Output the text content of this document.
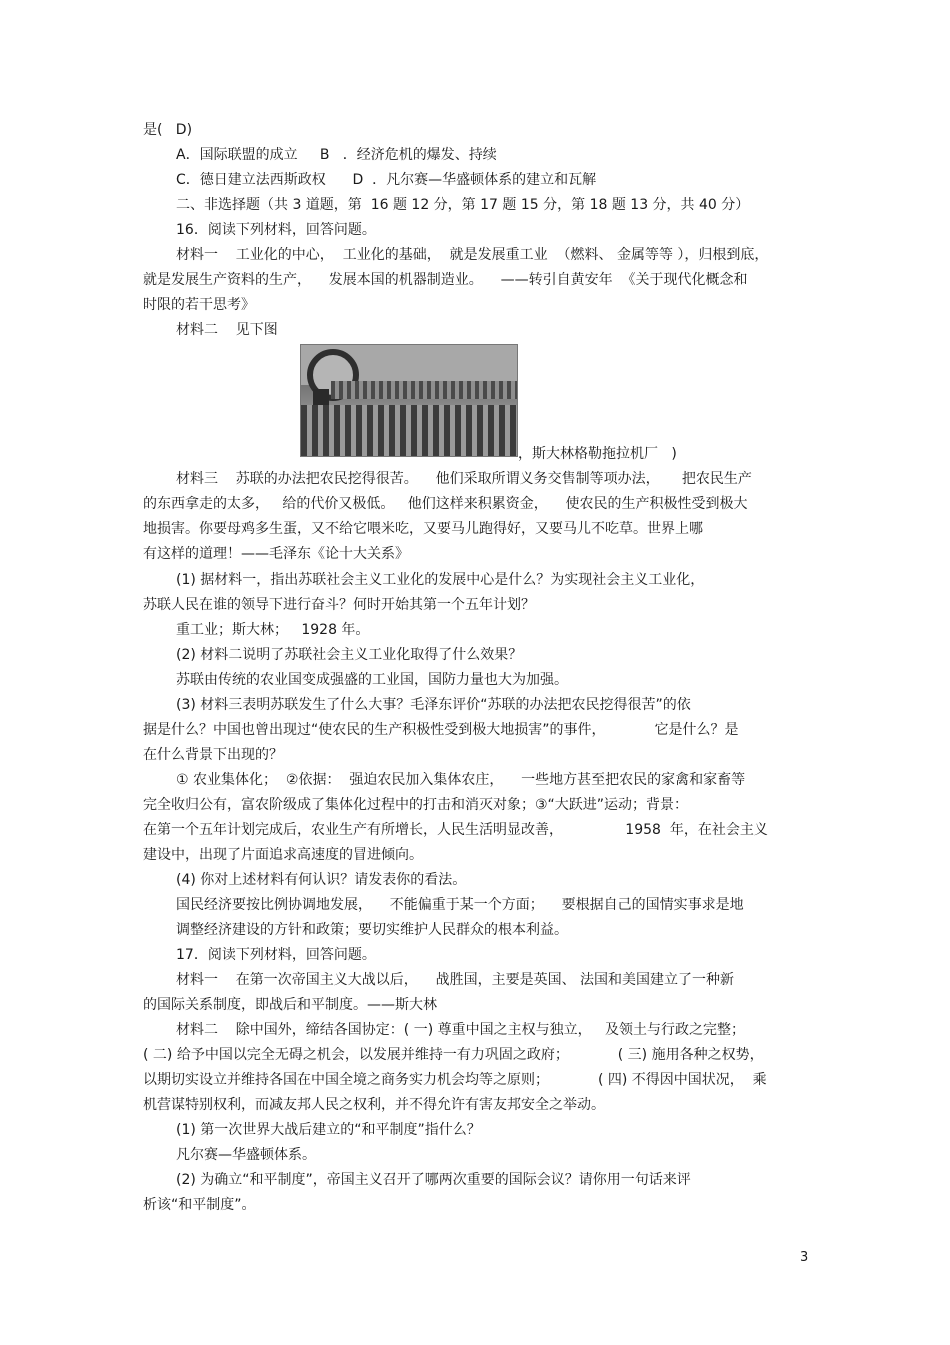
是(   D)
A．国际联盟的成立     B   ．经济危机的爆发、持续
C．德日建立法西斯政权      D  ．凡尔赛—华盛顿体系的建立和瓦解
二、非选择题（共 3 道题，第  16 题 12 分，第 17 题 15 分，第 18 题 13 分，共 40 分）
16．阅读下列材料，回答问题。
材料一    工业化的中心，  工业化的基础，  就是发展重工业  （燃料、 金属等等 ），归根到底，
就是发展生产资料的生产，    发展本国的机器制造业。    ——转引自黄安年  《关于现代化概念和
时限的若干思考》
材料二    见下图
材料三    苏联的办法把农民挖得很苦。    他们采取所谓义务交售制等项办法，     把农民生产
的东西拿走的太多，   给的代价又极低。   他们这样来积累资金，    使农民的生产积极性受到极大
地损害。你要母鸡多生蛋，又不给它喂米吃，又要马儿跑得好，又要马儿不吃草。世界上哪
有这样的道理！——毛泽东《论十大关系》
(1) 据材料一，指出苏联社会主义工业化的发展中心是什么？为实现社会主义工业化，
苏联人民在谁的领导下进行奋斗？何时开始其第一个五年计划？
重工业；斯大林；   1928 年。
(2) 材料二说明了苏联社会主义工业化取得了什么效果？
苏联由传统的农业国变成强盛的工业国，国防力量也大为加强。
(3) 材料三表明苏联发生了什么大事？毛泽东评价“苏联的办法把农民挖得很苦”的依
据是什么？中国也曾出现过“使农民的生产积极性受到极大地损害”的事件，           它是什么？是
在什么背景下出现的？
① 农业集体化；  ②依据：  强迫农民加入集体农庄，    一些地方甚至把农民的家禽和家畜等
完全收归公有，富农阶级成了集体化过程中的打击和消灭对象；③“大跃进”运动；背景：
在第一个五年计划完成后，农业生产有所增长，人民生活明显改善，              1958  年，在社会主义
建设中，出现了片面追求高速度的冒进倾向。
(4) 你对上述材料有何认识？请发表你的看法。
国民经济要按比例协调地发展，    不能偏重于某一个方面；    要根据自己的国情实事求是地
调整经济建设的方针和政策；要切实维护人民群众的根本利益。
17．阅读下列材料，回答问题。
材料一    在第一次帝国主义大战以后，    战胜国，主要是英国、 法国和美国建立了一种新
的国际关系制度，即战后和平制度。——斯大林
材料二    除中国外，缔结各国协定：( 一) 尊重中国之主权与独立，   及领土与行政之完整；
( 二) 给予中国以完全无碍之机会，以发展并维持一有力巩固之政府；           ( 三) 施用各种之权势，
以期切实设立并维持各国在中国全境之商务实力机会均等之原则；           ( 四) 不得因中国状况，  乘
机营谋特别权利，而减友邦人民之权利，并不得允许有害友邦安全之举动。
(1) 第一次世界大战后建立的“和平制度”指什么？
凡尔赛—华盛顿体系。
(2) 为确立“和平制度”，帝国主义召开了哪两次重要的国际会议？请你用一句话来评
析该“和平制度”。
，斯大林格勒拖拉机厂   )
3
